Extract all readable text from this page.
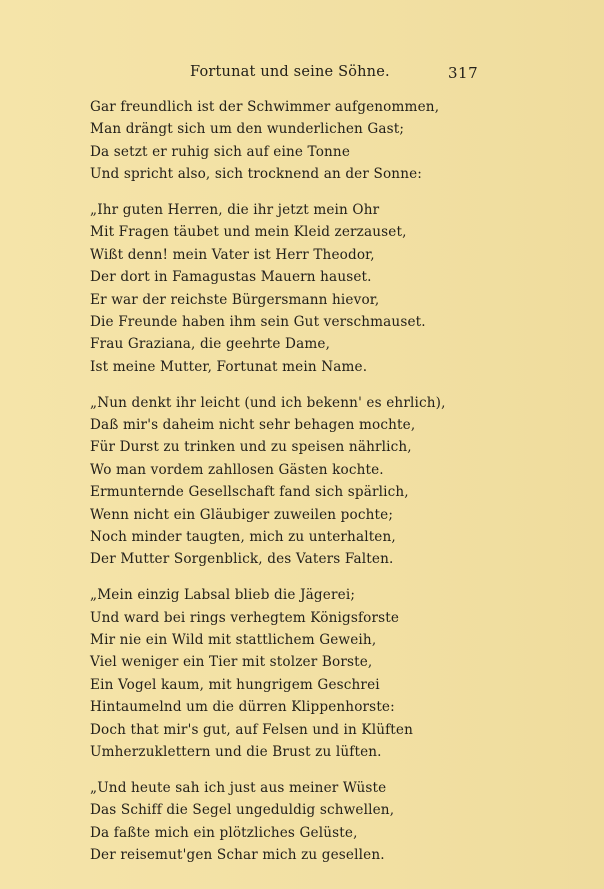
Fortunat und seine Söhne.	317
Gar freundlich ist der Schwimmer aufgenommen,
Man drängt sich um den wunderlichen Gast;
Da setzt er ruhig sich auf eine Tonne
Und spricht also, sich trocknend an der Sonne:
„Ihr guten Herren, die ihr jetzt mein Ohr
Mit Fragen täubet und mein Kleid zerzauset,
Wißt denn! mein Vater ist Herr Theodor,
Der dort in Famagustas Mauern hauset.
Er war der reichste Bürgersmann hievor,
Die Freunde haben ihm sein Gut verschmauset.
Frau Graziana, die geehrte Dame,
Ist meine Mutter, Fortunat mein Name.
„Nun denkt ihr leicht (und ich bekenn' es ehrlich),
Daß mir's daheim nicht sehr behagen mochte,
Für Durst zu trinken und zu speisen nährlich,
Wo man vordem zahllosen Gästen kochte.
Ermunternde Gesellschaft fand sich spärlich,
Wenn nicht ein Gläubiger zuweilen pochte;
Noch minder taugten, mich zu unterhalten,
Der Mutter Sorgenblick, des Vaters Falten.
„Mein einzig Labsal blieb die Jägerei;
Und ward bei rings verhegtem Königsforste
Mir nie ein Wild mit stattlichem Geweih,
Viel weniger ein Tier mit stolzer Borste,
Ein Vogel kaum, mit hungrigem Geschrei
Hintaumelnd um die dürren Klippenhorste:
Doch that mir's gut, auf Felsen und in Klüften
Umherzuklettern und die Brust zu lüften.
„Und heute sah ich just aus meiner Wüste
Das Schiff die Segel ungeduldig schwellen,
Da faßte mich ein plötzliches Gelüste,
Der reisemut'gen Schar mich zu gesellen.
